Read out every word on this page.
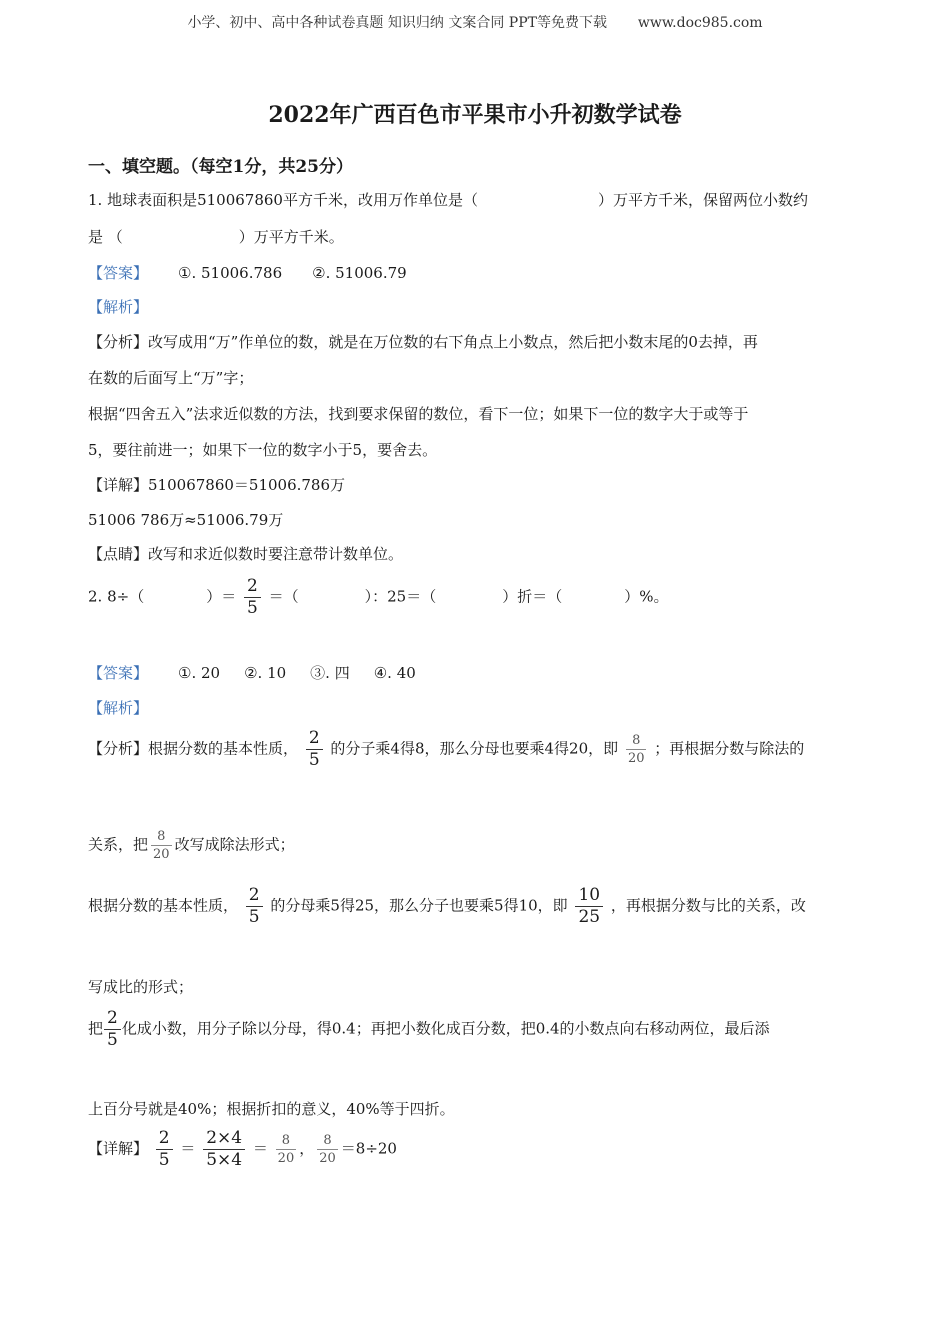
小学、初中、高中各种试卷真题 知识归纳 文案合同 PPT等免费下载 www.doc985.com
2022年广西百色市平果市小升初数学试卷
一、填空题。（每空1分，共25分）
1. 地球表面积是510067860平方千米，改用万作单位是（	）万平方千米，保留两位小数约
是 （	）万平方千米。
【答案】 ①. 51006.786 ②. 51006.79
【解析】
【分析】改写成用“万”作单位的数，就是在万位数的右下角点上小数点，然后把小数末尾的0去掉，再
在数的后面写上“万”字；
根据“四舍五入”法求近似数的方法，找到要求保留的数位，看下一位；如果下一位的数字大于或等于
5，要往前进一；如果下一位的数字小于5，要舍去。
【详解】510067860＝51006.786万
51006 786万≈51006.79万
【点睛】改写和求近似数时要注意带计数单位。
2. 8÷（	）＝ $\frac{2}{5}$ ＝（	）：25＝（	）折＝（	）%。
【答案】 ①. 20 ②. 10 ③. 四 ④. 40
【解析】
【分析】根据分数的基本性质， $\frac{2}{5}$ 的分子乘4得8，那么分母也要乘4得20，即 $\frac{8}{20}$ ；再根据分数与除法的
关系，把 $\frac{8}{20}$ 改写成除法形式；
根据分数的基本性质， $\frac{2}{5}$ 的分母乘5得25，那么分子也要乘5得10，即 $\frac{10}{25}$ ，再根据分数与比的关系，改
写成比的形式；
把 $\frac{2}{5}$ 化成小数，用分子除以分母，得0.4；再把小数化成百分数，把0.4的小数点向右移动两位，最后添
上百分号就是40%；根据折扣的意义，40%等于四折。
【详解】 $\frac{2}{5} = \frac{2\times 4}{5\times 4} = \frac{8}{20}$ ， $\frac{8}{20} =8\div 20$
